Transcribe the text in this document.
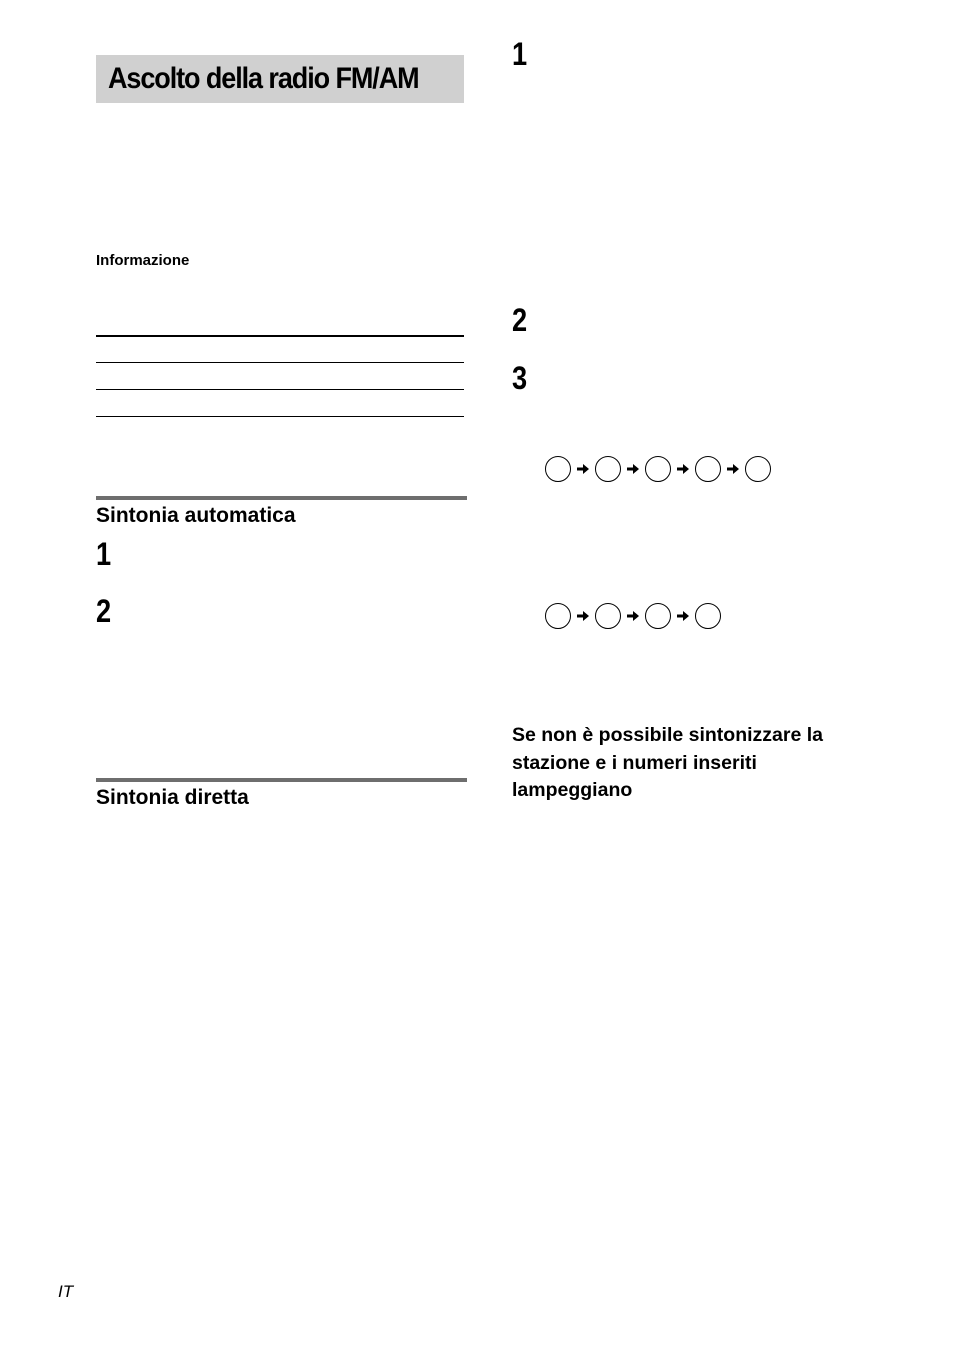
Ascolto della radio FM/AM
Informazione
Sintonia automatica
1
2
Sintonia diretta
1
2
3
Se non è possibile sintonizzare la
stazione e i numeri inseriti
lampeggiano
IT
